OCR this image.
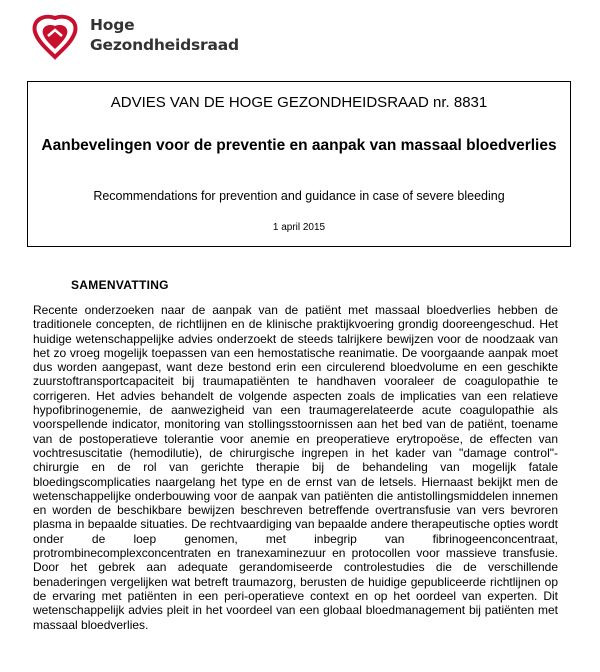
Hoge
Gezondheidsraad
ADVIES VAN DE HOGE GEZONDHEIDSRAAD nr. 8831
Aanbevelingen voor de preventie en aanpak van massaal bloedverlies
Recommendations for prevention and guidance in case of severe bleeding
1 april 2015
SAMENVATTING
Recente onderzoeken naar de aanpak van de patiënt met massaal bloedverlies hebben de traditionele concepten, de richtlijnen en de klinische praktijkvoering grondig dooreengeschud. Het huidige wetenschappelijke advies onderzoekt de steeds talrijkere bewijzen voor de noodzaak van het zo vroeg mogelijk toepassen van een hemostatische reanimatie. De voorgaande aanpak moet dus worden aangepast, want deze bestond erin een circulerend bloedvolume en een geschikte zuurstoftransportcapaciteit bij traumapatiënten te handhaven vooraleer de coagulopathie te corrigeren. Het advies behandelt de volgende aspecten zoals de implicaties van een relatieve hypofibrinogenemie, de aanwezigheid van een traumagerelateerde acute coagulopathie als voorspellende indicator, monitoring van stollingsstoornissen aan het bed van de patiënt, toename van de postoperatieve tolerantie voor anemie en preoperatieve erytropoëse, de effecten van vochtresuscitatie (hemodilutie), de chirurgische ingrepen in het kader van "damage control"-chirurgie en de rol van gerichte therapie bij de behandeling van mogelijk fatale bloedingscomplicaties naargelang het type en de ernst van de letsels. Hiernaast bekijkt men de wetenschappelijke onderbouwing voor de aanpak van patiënten die antistollingsmiddelen innemen en worden de beschikbare bewijzen beschreven betreffende overtransfusie van vers bevroren plasma in bepaalde situaties. De rechtvaardiging van bepaalde andere therapeutische opties wordt onder de loep genomen, met inbegrip van fibrinogeenconcentraat, protrombinecomplexconcentraten en tranexaminezuur en protocollen voor massieve transfusie. Door het gebrek aan adequate gerandomiseerde controlestudies die de verschillende benaderingen vergelijken wat betreft traumazorg, berusten de huidige gepubliceerde richtlijnen op de ervaring met patiënten in een peri-operatieve context en op het oordeel van experten. Dit wetenschappelijk advies pleit in het voordeel van een globaal bloedmanagement bij patiënten met massaal bloedverlies.
